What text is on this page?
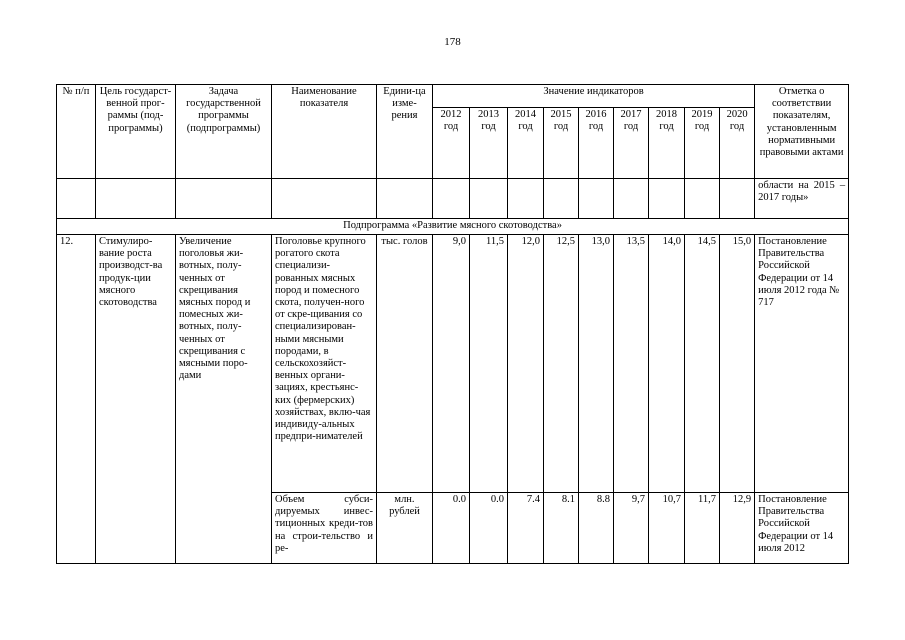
178
№ п/п	Цель государст-венной прог-раммы (под-программы)	Задача государственной программы (подпрограммы)	Наименование показателя	Едини-ца изме-рения	Значение индикаторов									Отметка о соответствии показателям, установленным нормативными правовыми актами
					2012 год	2013 год	2014 год	2015 год	2016 год	2017 год	2018 год	2019 год	2020 год	
														области на 2015 – 2017 годы»
Подпрограмма «Развитие мясного скотоводства»														
12.	Стимулиро-вание роста производст-ва продук-ции мясного скотоводства	Увеличение поголовья жи-вотных, полу-ченных от скрещивания мясных пород и помесных жи-вотных, полу-ченных от скрещивания с мясными поро-дами	Поголовье крупного рогатого скота специализи-рованных мясных пород и помесного скота, получен-ного от скре-щивания со специализирован-ными мясными породами, в сельскохозяйст-венных органи-зациях, крестьянс-ких (фермерских) хозяйствах, вклю-чая индивиду-альных предпри-нимателей	тыс. голов	9,0	11,5	12,0	12,5	13,0	13,5	14,0	14,5	15,0	Постановление Правительства Российской Федерации от 14 июля 2012 года № 717
			Объем субси-дируемых инвес-тиционных креди-тов на строи-тельство и ре-	млн. рублей	0.0	0.0	7.4	8.1	8.8	9,7	10,7	11,7	12,9	Постановление Правительства Российской Федерации от 14 июля 2012
